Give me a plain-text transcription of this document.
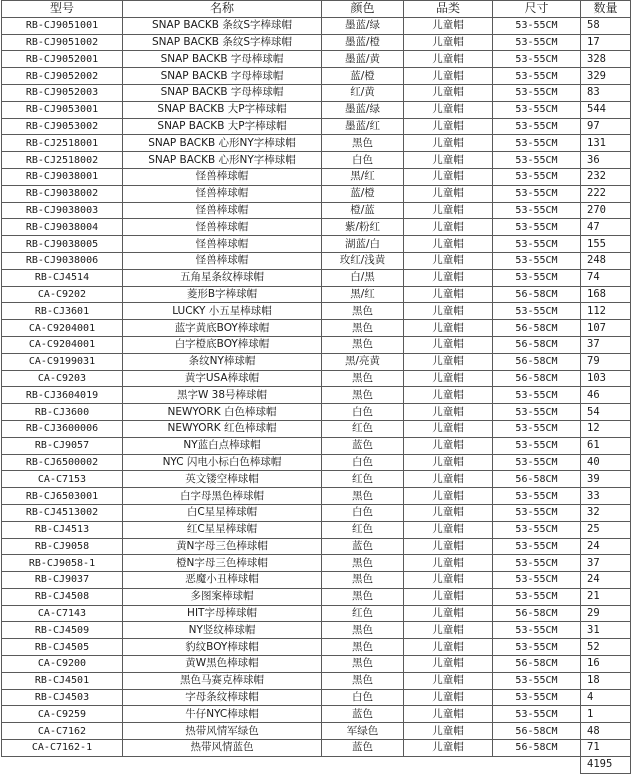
型号	名称	颜色	品类	尺寸	数量
RB-CJ9051001	SNAP BACKB 条纹S字棒球帽	墨蓝/绿	儿童帽	53-55CM	58
RB-CJ9051002	SNAP BACKB 条纹S字棒球帽	墨蓝/橙	儿童帽	53-55CM	17
RB-CJ9052001	SNAP BACKB 字母棒球帽	墨蓝/黄	儿童帽	53-55CM	328
RB-CJ9052002	SNAP BACKB 字母棒球帽	蓝/橙	儿童帽	53-55CM	329
RB-CJ9052003	SNAP BACKB 字母棒球帽	红/黄	儿童帽	53-55CM	83
RB-CJ9053001	SNAP BACKB 大P字棒球帽	墨蓝/绿	儿童帽	53-55CM	544
RB-CJ9053002	SNAP BACKB 大P字棒球帽	墨蓝/红	儿童帽	53-55CM	97
RB-CJ2518001	SNAP BACKB 心形NY字棒球帽	黑色	儿童帽	53-55CM	131
RB-CJ2518002	SNAP BACKB 心形NY字棒球帽	白色	儿童帽	53-55CM	36
RB-CJ9038001	怪兽棒球帽	黑/红	儿童帽	53-55CM	232
RB-CJ9038002	怪兽棒球帽	蓝/橙	儿童帽	53-55CM	222
RB-CJ9038003	怪兽棒球帽	橙/蓝	儿童帽	53-55CM	270
RB-CJ9038004	怪兽棒球帽	紫/粉红	儿童帽	53-55CM	47
RB-CJ9038005	怪兽棒球帽	湖蓝/白	儿童帽	53-55CM	155
RB-CJ9038006	怪兽棒球帽	玫红/浅黄	儿童帽	53-55CM	248
RB-CJ4514	五角星条纹棒球帽	白/黑	儿童帽	53-55CM	74
CA-C9202	菱形B字棒球帽	黑/红	儿童帽	56-58CM	168
RB-CJ3601	LUCKY 小五星棒球帽	黑色	儿童帽	53-55CM	112
CA-C9204001	蓝字黄底BOY棒球帽	黑色	儿童帽	56-58CM	107
CA-C9204001	白字橙底BOY棒球帽	黑色	儿童帽	56-58CM	37
CA-C9199031	条纹NY棒球帽	黑/亮黄	儿童帽	56-58CM	79
CA-C9203	黄字USA棒球帽	黑色	儿童帽	56-58CM	103
RB-CJ3604019	黑字W 38号棒球帽	黑色	儿童帽	53-55CM	46
RB-CJ3600	NEWYORK 白色棒球帽	白色	儿童帽	53-55CM	54
RB-CJ3600006	NEWYORK 红色棒球帽	红色	儿童帽	53-55CM	12
RB-CJ9057	NY蓝白点棒球帽	蓝色	儿童帽	53-55CM	61
RB-CJ6500002	NYC 闪电小标白色棒球帽	白色	儿童帽	53-55CM	40
CA-C7153	英文镂空棒球帽	红色	儿童帽	56-58CM	39
RB-CJ6503001	白字母黑色棒球帽	黑色	儿童帽	53-55CM	33
RB-CJ4513002	白C星星棒球帽	白色	儿童帽	53-55CM	32
RB-CJ4513	红C星星棒球帽	红色	儿童帽	53-55CM	25
RB-CJ9058	黄N字母三色棒球帽	蓝色	儿童帽	53-55CM	24
RB-CJ9058-1	橙N字母三色棒球帽	黑色	儿童帽	53-55CM	37
RB-CJ9037	恶魔小丑棒球帽	黑色	儿童帽	53-55CM	24
RB-CJ4508	多图案棒球帽	黑色	儿童帽	53-55CM	21
CA-C7143	HIT字母棒球帽	红色	儿童帽	56-58CM	29
RB-CJ4509	NY竖纹棒球帽	黑色	儿童帽	53-55CM	31
RB-CJ4505	豹纹BOY棒球帽	黑色	儿童帽	53-55CM	52
CA-C9200	黄W黑色棒球帽	黑色	儿童帽	56-58CM	16
RB-CJ4501	黑色马赛克棒球帽	黑色	儿童帽	53-55CM	18
RB-CJ4503	字母条纹棒球帽	白色	儿童帽	53-55CM	4
CA-C9259	牛仔NYC棒球帽	蓝色	儿童帽	53-55CM	1
CA-C7162	热带风情军绿色	军绿色	儿童帽	56-58CM	48
CA-C7162-1	热带风情蓝色	蓝色	儿童帽	56-58CM	71
					4195
